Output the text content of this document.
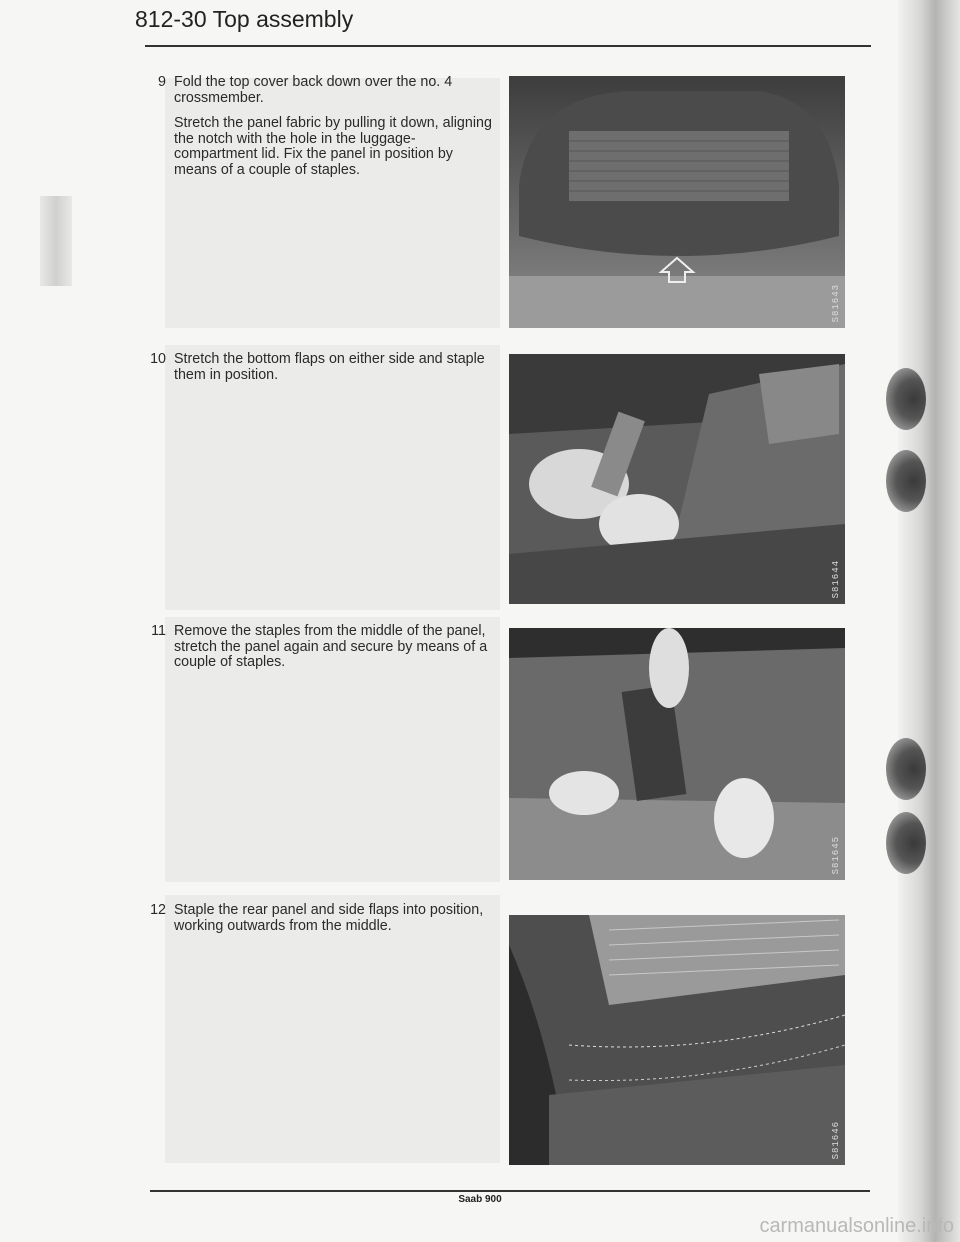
812-30 Top assembly
9 Fold the top cover back down over the no. 4 crossmember.

Stretch the panel fabric by pulling it down, aligning the notch with the hole in the luggage-compartment lid. Fix the panel in position by means of a couple of staples.

10 Stretch the bottom flaps on either side and staple them in position.

11 Remove the staples from the middle of the panel, stretch the panel again and secure by means of a couple of staples.

12 Staple the rear panel and side flaps into position, working outwards from the middle.

S81643
S81644
S81645
S81646
Saab 900
carmanualsonline.info
